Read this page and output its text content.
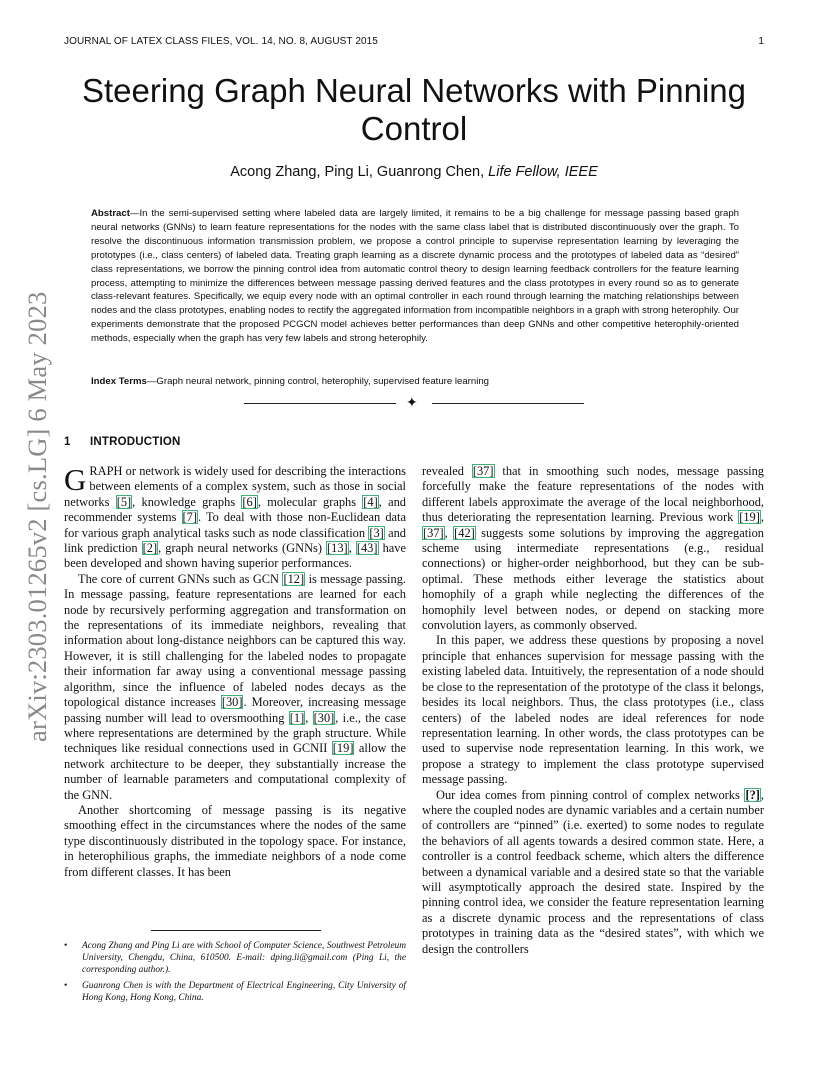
JOURNAL OF LATEX CLASS FILES, VOL. 14, NO. 8, AUGUST 2015	1
arXiv:2303.01265v2 [cs.LG] 6 May 2023
Steering Graph Neural Networks with Pinning Control
Acong Zhang, Ping Li, Guanrong Chen, Life Fellow, IEEE
Abstract—In the semi-supervised setting where labeled data are largely limited, it remains to be a big challenge for message passing based graph neural networks (GNNs) to learn feature representations for the nodes with the same class label that is distributed discontinuously over the graph. To resolve the discontinuous information transmission problem, we propose a control principle to supervise representation learning by leveraging the prototypes (i.e., class centers) of labeled data. Treating graph learning as a discrete dynamic process and the prototypes of labeled data as “desired” class representations, we borrow the pinning control idea from automatic control theory to design learning feedback controllers for the feature learning process, attempting to minimize the differences between message passing derived features and the class prototypes in every round so as to generate class-relevant features. Specifically, we equip every node with an optimal controller in each round through learning the matching relationships between nodes and the class prototypes, enabling nodes to rectify the aggregated information from incompatible neighbors in a graph with strong heterophily. Our experiments demonstrate that the proposed PCGCN model achieves better performances than deep GNNs and other competitive heterophily-oriented methods, especially when the graph has very few labels and strong heterophily.
Index Terms—Graph neural network, pinning control, heterophily, supervised feature learning
✦
1 INTRODUCTION

GRAPH or network is widely used for describing the interactions between elements of a complex system, such as those in social networks [5], knowledge graphs [6], molecular graphs [4], and recommender systems [7]. To deal with those non-Euclidean data for various graph analytical tasks such as node classification [3] and link prediction [2], graph neural networks (GNNs) [13], [43] have been developed and shown having superior performances.

The core of current GNNs such as GCN [12] is message passing. In message passing, feature representations are learned for each node by recursively performing aggregation and transformation on the representations of its immediate neighbors, revealing that information about long-distance neighbors can be captured this way. However, it is still challenging for the labeled nodes to propagate their information far away using a conventional message passing algorithm, since the influence of labeled nodes decays as the topological distance increases [30]. Moreover, increasing message passing number will lead to oversmoothing [1], [30], i.e., the case where representations are determined by the graph structure. While techniques like residual connections used in GCNII [19] allow the network architecture to be deeper, they substantially increase the number of learnable parameters and computational complexity of the GNN.

Another shortcoming of message passing is its negative smoothing effect in the circumstances where the nodes of the same type discontinuously distributed in the topology space. For instance, in heterophilious graphs, the immediate neighbors of a node come from different classes. It has been

revealed [37] that in smoothing such nodes, message passing forcefully make the feature representations of the nodes with different labels approximate the average of the local neighborhood, thus deteriorating the representation learning. Previous work [19], [37], [42] suggests some solutions by improving the aggregation scheme using intermediate representations (e.g., residual connections) or higher-order neighborhood, but they can be sub-optimal. These methods either leverage the statistics about homophily of a graph while neglecting the differences of the homophily level between nodes, or depend on stacking more convolution layers, as commonly observed.

In this paper, we address these questions by proposing a novel principle that enhances supervision for message passing with the existing labeled data. Intuitively, the representation of a node should be close to the representation of the prototype of the class it belongs, besides its local neighbors. Thus, the class prototypes (i.e., class centers) of the labeled nodes are ideal references for node representation learning. In other words, the class prototypes can be used to supervise node representation learning. In this work, we propose a strategy to implement the class prototype supervised message passing.

Our idea comes from pinning control of complex networks [?], where the coupled nodes are dynamic variables and a certain number of controllers are “pinned” (i.e. exerted) to some nodes to regulate the behaviors of all agents towards a desired common state. Here, a controller is a control feedback scheme, which alters the difference between a dynamical variable and a desired state so that the variable will asymptotically approach the desired state. Inspired by the pinning control idea, we consider the feature representation learning as a discrete dynamic process and the representations of class prototypes in training data as the “desired states”, with which we design the controllers

• Acong Zhang and Ping Li are with School of Computer Science, Southwest Petroleum University, Chengdu, China, 610500. E-mail: dping.li@gmail.com (Ping Li, the corresponding author.).
• Guanrong Chen is with the Department of Electrical Engineering, City University of Hong Kong, Hong Kong, China.
